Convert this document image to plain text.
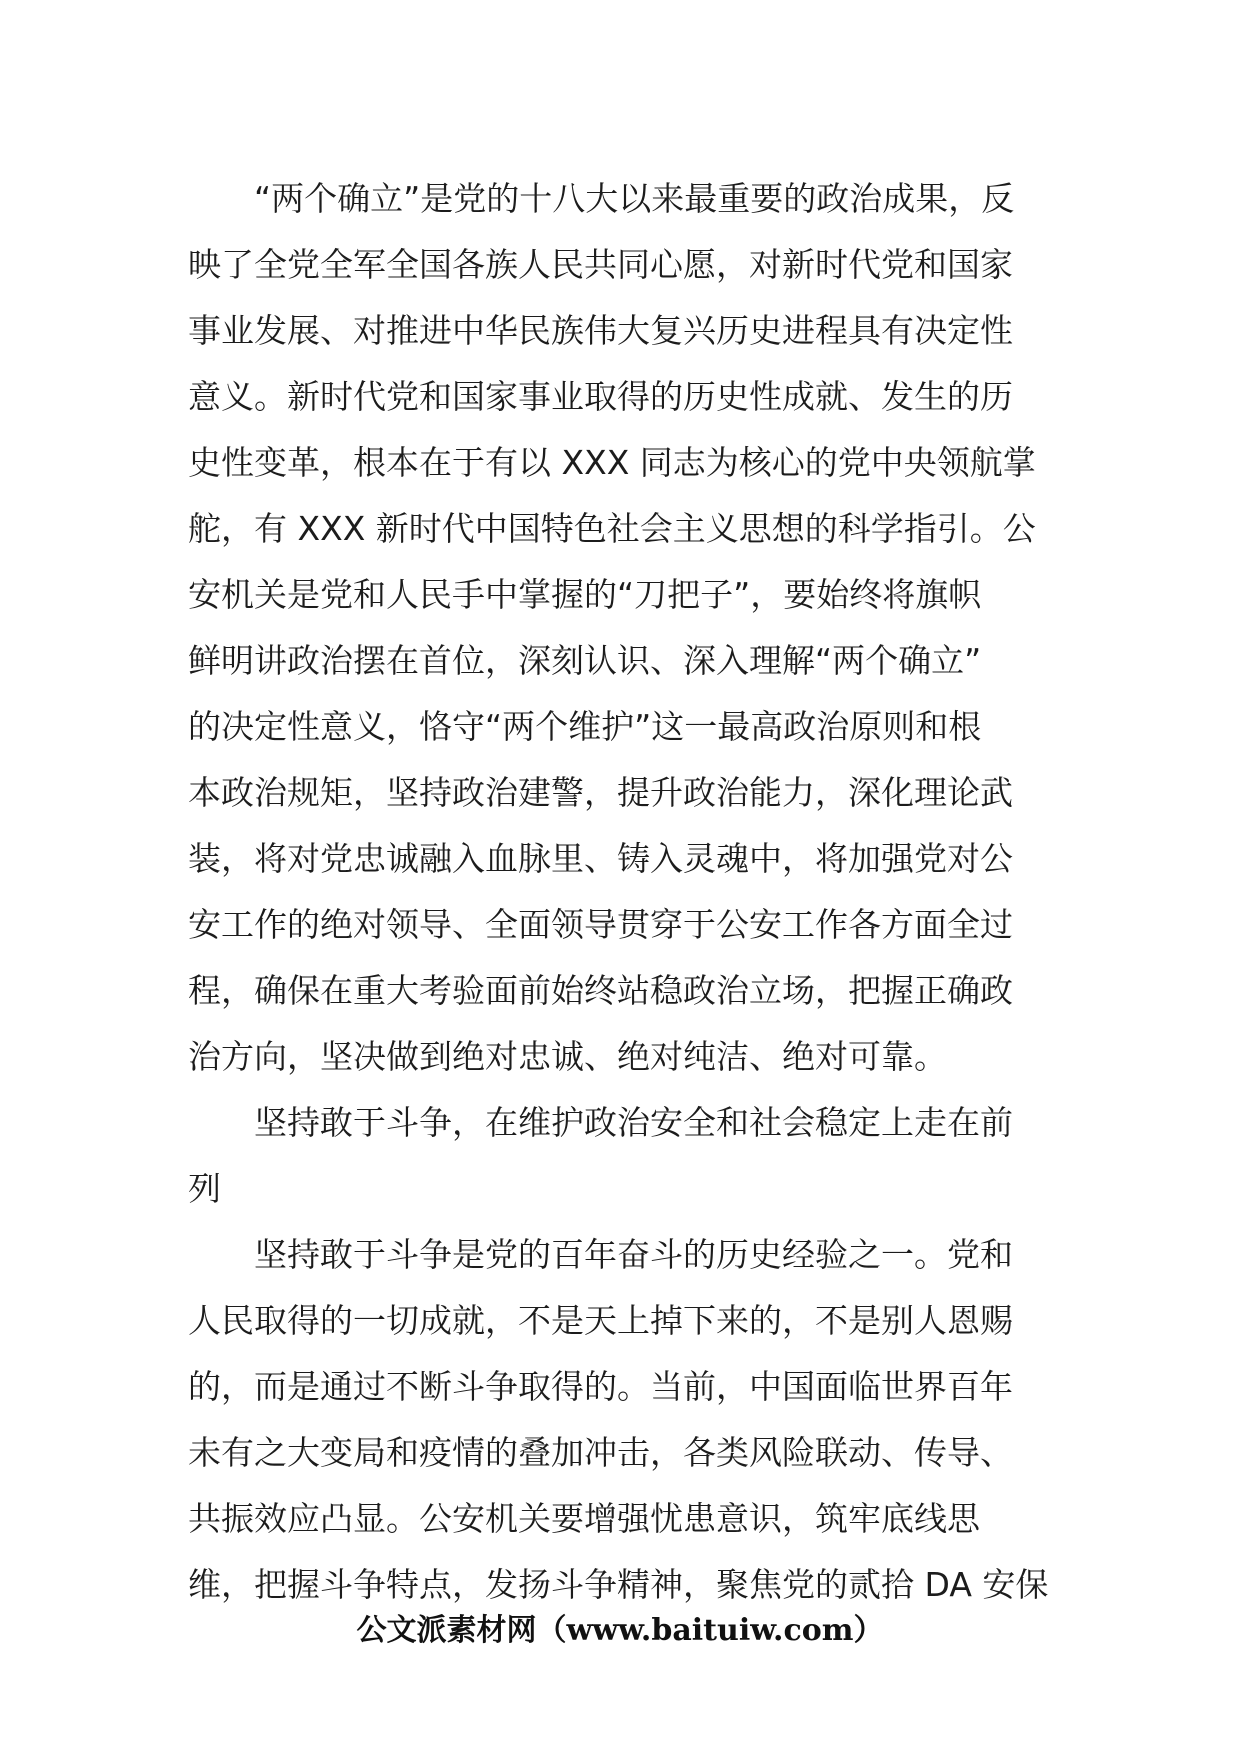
　　“两个确立”是党的十八大以来最重要的政治成果，反
映了全党全军全国各族人民共同心愿，对新时代党和国家
事业发展、对推进中华民族伟大复兴历史进程具有决定性
意义。新时代党和国家事业取得的历史性成就、发生的历
史性变革，根本在于有以 XXX 同志为核心的党中央领航掌
舵，有 XXX 新时代中国特色社会主义思想的科学指引。公
安机关是党和人民手中掌握的“刀把子”，要始终将旗帜
鲜明讲政治摆在首位，深刻认识、深入理解“两个确立”
的决定性意义，恪守“两个维护”这一最高政治原则和根
本政治规矩，坚持政治建警，提升政治能力，深化理论武
装，将对党忠诚融入血脉里、铸入灵魂中，将加强党对公
安工作的绝对领导、全面领导贯穿于公安工作各方面全过
程，确保在重大考验面前始终站稳政治立场，把握正确政
治方向，坚决做到绝对忠诚、绝对纯洁、绝对可靠。
　　坚持敢于斗争，在维护政治安全和社会稳定上走在前
列
　　坚持敢于斗争是党的百年奋斗的历史经验之一。党和
人民取得的一切成就，不是天上掉下来的，不是别人恩赐
的，而是通过不断斗争取得的。当前，中国面临世界百年
未有之大变局和疫情的叠加冲击，各类风险联动、传导、
共振效应凸显。公安机关要增强忧患意识，筑牢底线思
维，把握斗争特点，发扬斗争精神，聚焦党的贰拾 DA 安保
公文派素材网（www.baituiw.com）
